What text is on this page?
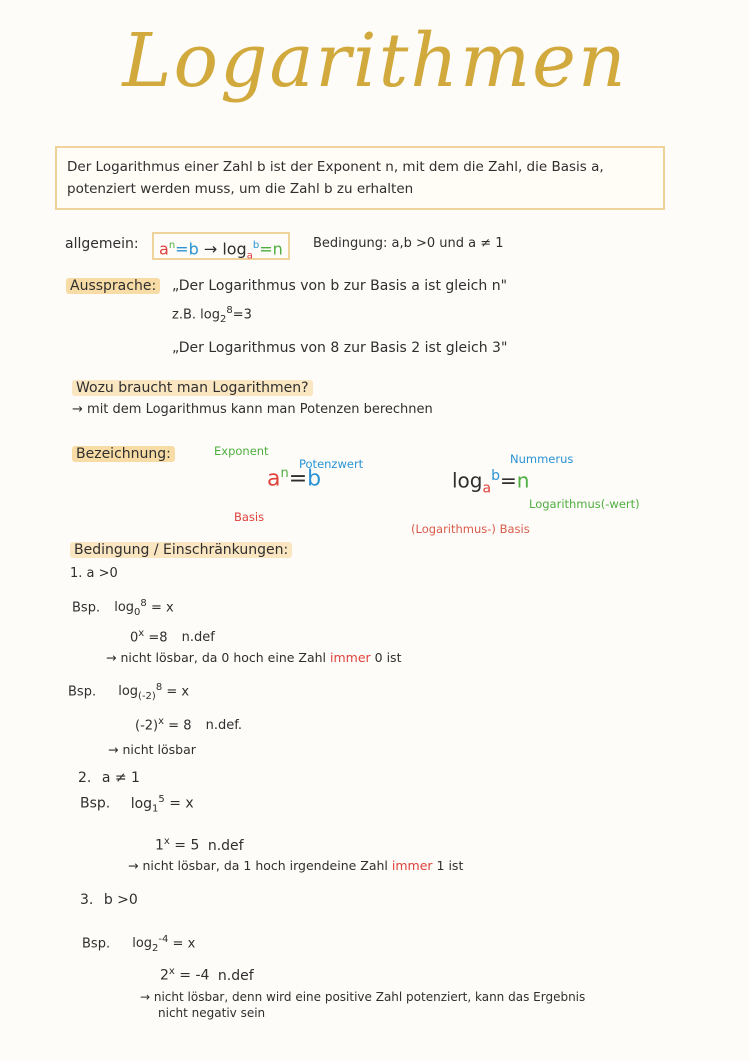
Logarithmen
Der Logarithmus einer Zahl b ist der Exponent n, mit dem die Zahl, die Basis a, potenziert werden muss, um die Zahl b zu erhalten
allgemein:	$a^n=b \to \log_a^b=n$	Bedingung: a,b >0 und a ≠ 1
Aussprache: „Der Logarithmus von b zur Basis a ist gleich n"
z.B. $\log_2^8=3$
„Der Logarithmus von 8 zur Basis 2 ist gleich 3"
Wozu braucht man Logarithmen?
→ mit dem Logarithmus kann man Potenzen berechnen
Bezeichnung:	Exponent
Potenzwert
$a^n=b$
Basis
Nummerus
$\log_a^b=n$
Logarithmus(-wert)
(Logarithmus-) Basis
Bedingung / Einschränkungen:
1. a >0
Bsp. $\log_0^8 = x$
$0^x =8$ n.def
→ nicht lösbar, da 0 hoch eine Zahl immer 0 ist
Bsp. $\log_{(-2)}^8 = x$
$(-2)^x = 8$ n.def.
→ nicht lösbar
2. a ≠ 1
Bsp. $\log_1^5 = x$
$1^x = 5$ n.def
→ nicht lösbar, da 1 hoch irgendeine Zahl immer 1 ist
3. b >0
Bsp. $\log_2^{-4} = x$
$2^x = -4$ n.def
→ nicht lösbar, denn wird eine positive Zahl potenziert, kann das Ergebnis
nicht negativ sein
